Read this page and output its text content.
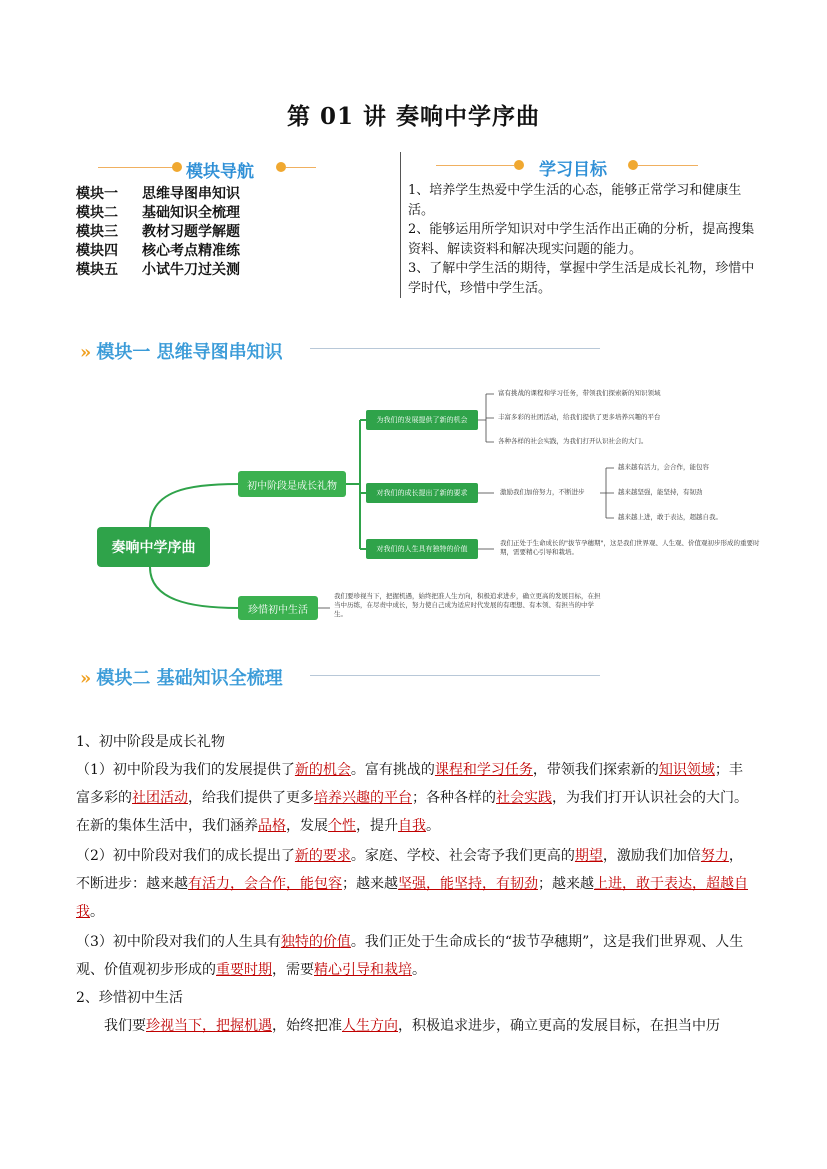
第 01 讲 奏响中学序曲
模块导航
模块一	思维导图串知识
模块二	基础知识全梳理
模块三	教材习题学解题
模块四	核心考点精准练
模块五	小试牛刀过关测
学习目标
1、培养学生热爱中学生活的心态，能够正常学习和健康生活。
2、能够运用所学知识对中学生活作出正确的分析，提高搜集资料、解读资料和解决现实问题的能力。
3、了解中学生活的期待，掌握中学生活是成长礼物，珍惜中学时代，珍惜中学生活。
» 模块一 思维导图串知识
奏响中学序曲
初中阶段是成长礼物
珍惜初中生活
为我们的发展提供了新的机会
对我们的成长提出了新的要求
对我们的人生具有独特的价值
富有挑战的课程和学习任务，带领我们探索新的知识领域
丰富多彩的社团活动，给我们提供了更多培养兴趣的平台
各种各样的社会实践，为我们打开认识社会的大门。
激励我们加倍努力，不断进步
越来越有活力，会合作，能包容
越来越坚强，能坚持，有韧劲
越来越上进，敢于表达，超越自我。
我们正处于生命成长的"拔节孕穗期"，这是我们世界观、人生观、价值观初步形成的重要时期，需要精心引导和栽培。
我们要珍视当下，把握机遇，始终把准人生方向，积极追求进步，确立更高的发展目标，在担当中历练，在尽责中成长，努力使自己成为适应时代发展的有理想、有本领、有担当的中学生。
» 模块二 基础知识全梳理
1、初中阶段是成长礼物
（1）初中阶段为我们的发展提供了新的机会。富有挑战的课程和学习任务，带领我们探索新的知识领域；丰富多彩的社团活动，给我们提供了更多培养兴趣的平台；各种各样的社会实践，为我们打开认识社会的大门。在新的集体生活中，我们涵养品格，发展个性，提升自我。
（2）初中阶段对我们的成长提出了新的要求。家庭、学校、社会寄予我们更高的期望，激励我们加倍努力，不断进步：越来越有活力，会合作，能包容；越来越坚强，能坚持，有韧劲；越来越上进，敢于表达，超越自我。
（3）初中阶段对我们的人生具有独特的价值。我们正处于生命成长的“拔节孕穗期”，这是我们世界观、人生观、价值观初步形成的重要时期，需要精心引导和栽培。
2、珍惜初中生活
我们要珍视当下，把握机遇，始终把准人生方向，积极追求进步，确立更高的发展目标，在担当中历
